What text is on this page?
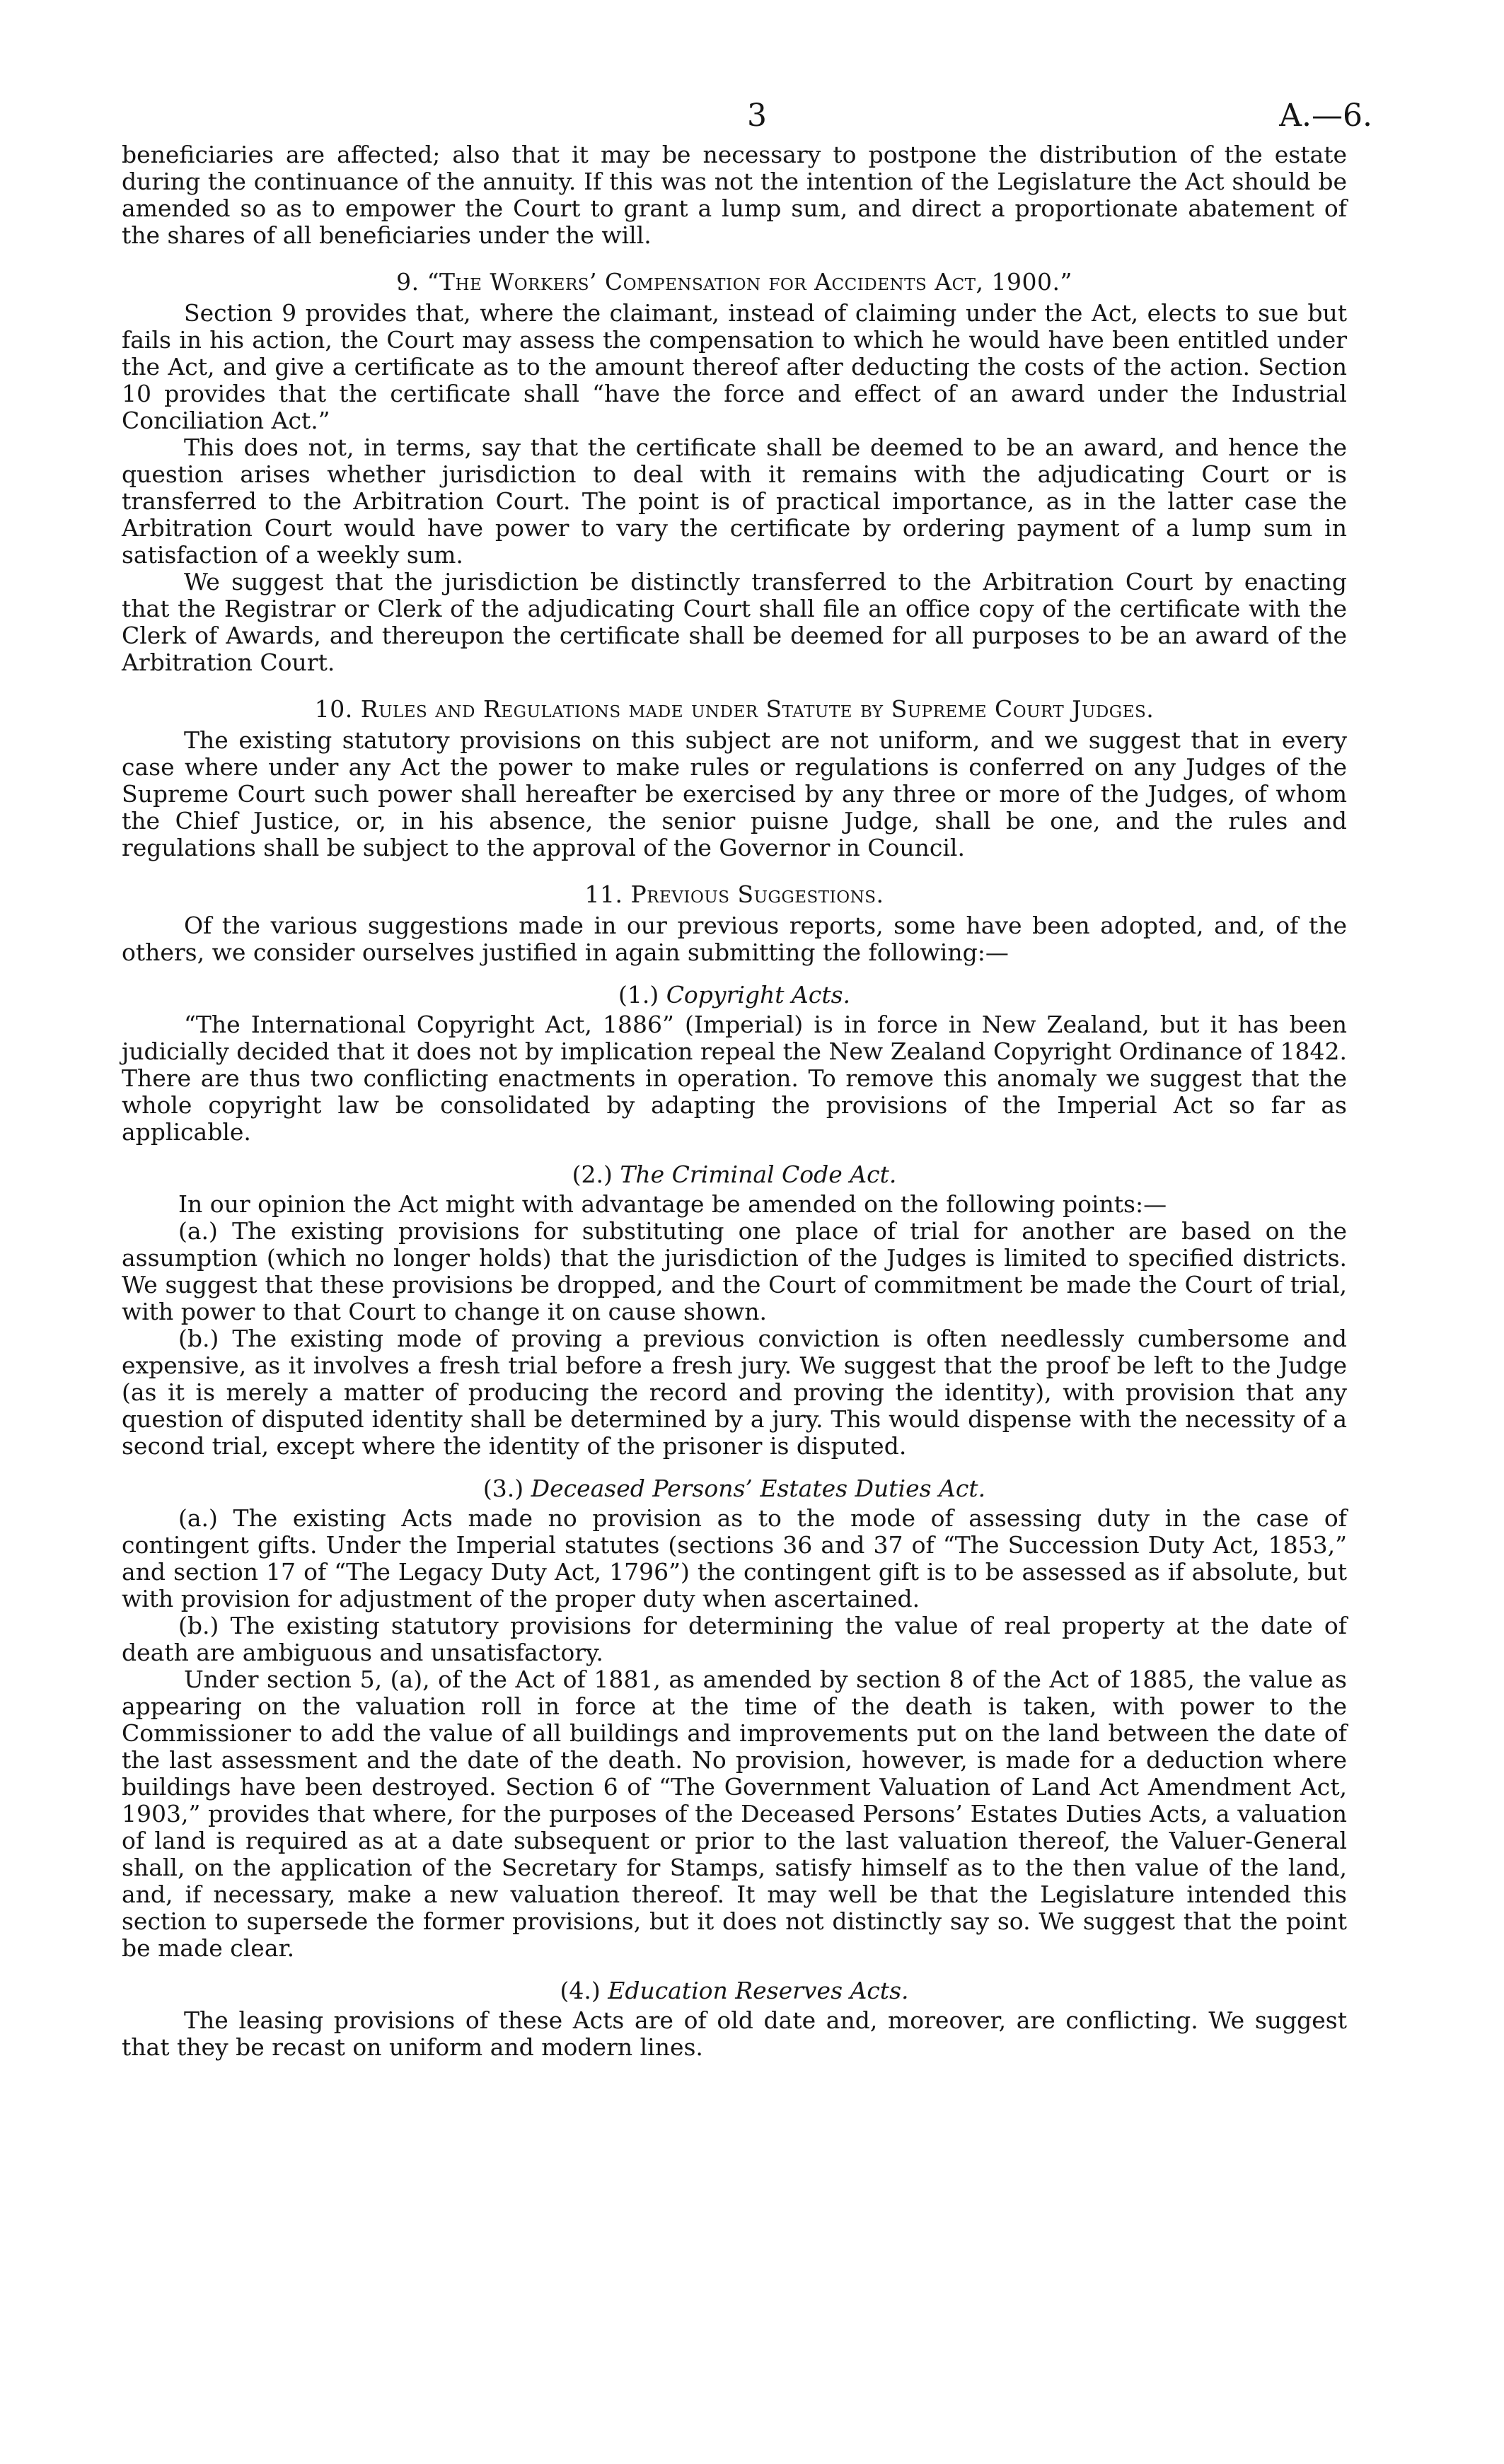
3	A.—6.

beneficiaries are affected; also that it may be necessary to postpone the distribution of the estate during the continuance of the annuity. If this was not the intention of the Legislature the Act should be amended so as to empower the Court to grant a lump sum, and direct a proportionate abatement of the shares of all beneficiaries under the will.

9. “The Workers’ Compensation for Accidents Act, 1900.”

Section 9 provides that, where the claimant, instead of claiming under the Act, elects to sue but fails in his action, the Court may assess the compensation to which he would have been entitled under the Act, and give a certificate as to the amount thereof after deducting the costs of the action. Section 10 provides that the certificate shall “have the force and effect of an award under the Industrial Conciliation Act.”

This does not, in terms, say that the certificate shall be deemed to be an award, and hence the question arises whether jurisdiction to deal with it remains with the adjudicating Court or is transferred to the Arbitration Court. The point is of practical importance, as in the latter case the Arbitration Court would have power to vary the certificate by ordering payment of a lump sum in satisfaction of a weekly sum.

We suggest that the jurisdiction be distinctly transferred to the Arbitration Court by enacting that the Registrar or Clerk of the adjudicating Court shall file an office copy of the certificate with the Clerk of Awards, and thereupon the certificate shall be deemed for all purposes to be an award of the Arbitration Court.

10. Rules and Regulations made under Statute by Supreme Court Judges.

The existing statutory provisions on this subject are not uniform, and we suggest that in every case where under any Act the power to make rules or regulations is conferred on any Judges of the Supreme Court such power shall hereafter be exercised by any three or more of the Judges, of whom the Chief Justice, or, in his absence, the senior puisne Judge, shall be one, and the rules and regulations shall be subject to the approval of the Governor in Council.

11. Previous Suggestions.

Of the various suggestions made in our previous reports, some have been adopted, and, of the others, we consider ourselves justified in again submitting the following:—

(1.) Copyright Acts.

“The International Copyright Act, 1886” (Imperial) is in force in New Zealand, but it has been judicially decided that it does not by implication repeal the New Zealand Copyright Ordinance of 1842. There are thus two conflicting enactments in operation. To remove this anomaly we suggest that the whole copyright law be consolidated by adapting the provisions of the Imperial Act so far as applicable.

(2.) The Criminal Code Act.

In our opinion the Act might with advantage be amended on the following points:—

(a.) The existing provisions for substituting one place of trial for another are based on the assumption (which no longer holds) that the jurisdiction of the Judges is limited to specified districts. We suggest that these provisions be dropped, and the Court of commitment be made the Court of trial, with power to that Court to change it on cause shown.

(b.) The existing mode of proving a previous conviction is often needlessly cumbersome and expensive, as it involves a fresh trial before a fresh jury. We suggest that the proof be left to the Judge (as it is merely a matter of producing the record and proving the identity), with provision that any question of disputed identity shall be determined by a jury. This would dispense with the necessity of a second trial, except where the identity of the prisoner is disputed.

(3.) Deceased Persons’ Estates Duties Act.

(a.) The existing Acts made no provision as to the mode of assessing duty in the case of contingent gifts. Under the Imperial statutes (sections 36 and 37 of “The Succession Duty Act, 1853,” and section 17 of “The Legacy Duty Act, 1796”) the contingent gift is to be assessed as if absolute, but with provision for adjustment of the proper duty when ascertained.

(b.) The existing statutory provisions for determining the value of real property at the date of death are ambiguous and unsatisfactory.

Under section 5, (a), of the Act of 1881, as amended by section 8 of the Act of 1885, the value as appearing on the valuation roll in force at the time of the death is taken, with power to the Commissioner to add the value of all buildings and improvements put on the land between the date of the last assessment and the date of the death. No provision, however, is made for a deduction where buildings have been destroyed. Section 6 of “The Government Valuation of Land Act Amendment Act, 1903,” provides that where, for the purposes of the Deceased Persons’ Estates Duties Acts, a valuation of land is required as at a date subsequent or prior to the last valuation thereof, the Valuer-General shall, on the application of the Secretary for Stamps, satisfy himself as to the then value of the land, and, if necessary, make a new valuation thereof. It may well be that the Legislature intended this section to supersede the former provisions, but it does not distinctly say so. We suggest that the point be made clear.

(4.) Education Reserves Acts.

The leasing provisions of these Acts are of old date and, moreover, are conflicting. We suggest that they be recast on uniform and modern lines.
